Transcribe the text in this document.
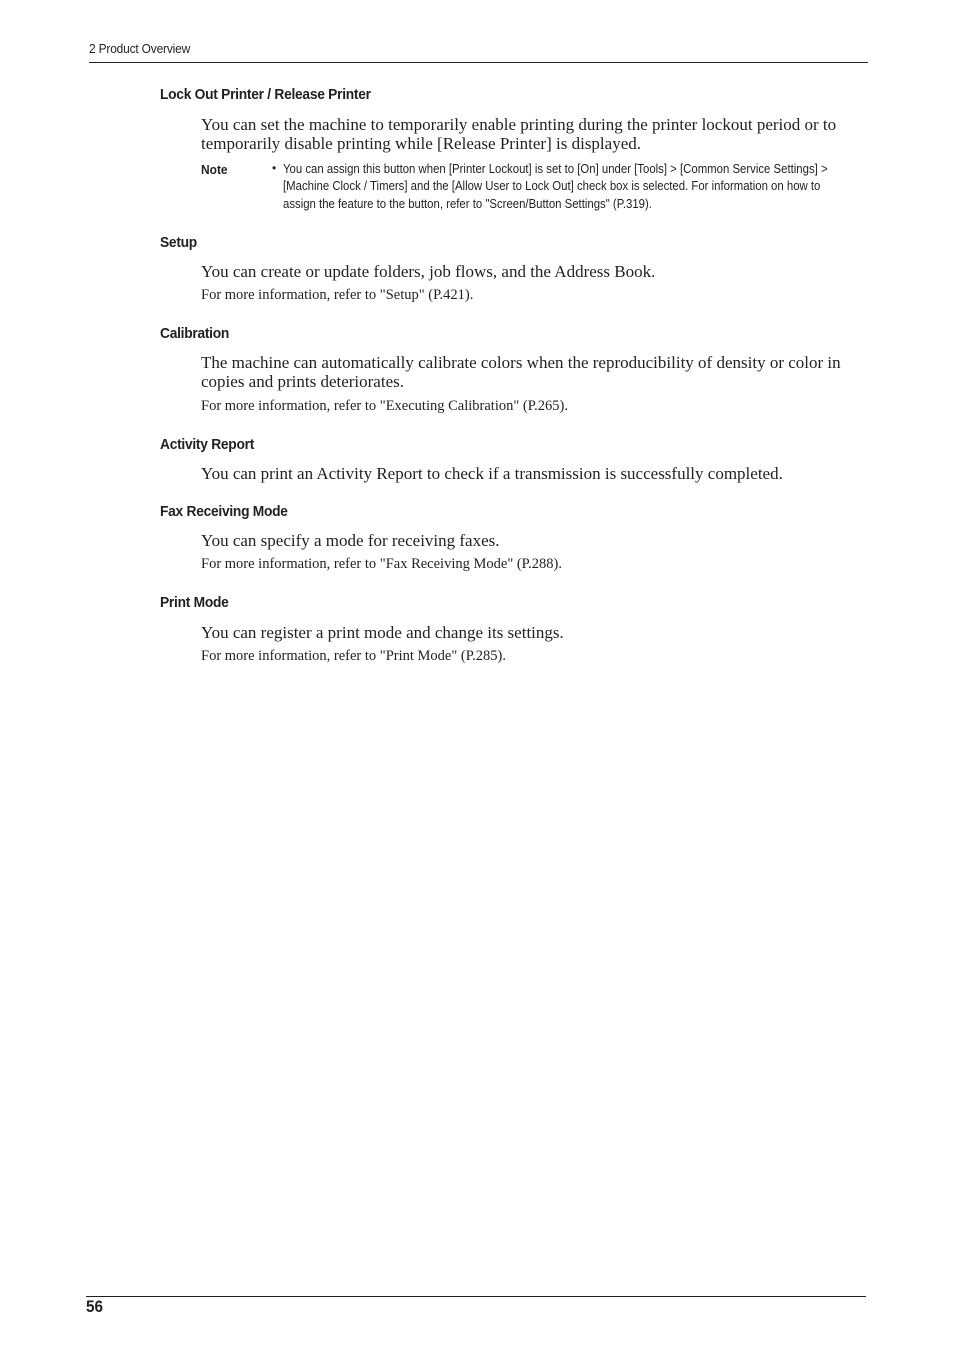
2 Product Overview
Lock Out Printer / Release Printer
You can set the machine to temporarily enable printing during the printer lockout period or to temporarily disable printing while [Release Printer] is displayed.
Note	• You can assign this button when [Printer Lockout] is set to [On] under [Tools] > [Common Service Settings] > [Machine Clock / Timers] and the [Allow User to Lock Out] check box is selected. For information on how to assign the feature to the button, refer to "Screen/Button Settings" (P.319).
Setup
You can create or update folders, job flows, and the Address Book.
For more information, refer to "Setup" (P.421).
Calibration
The machine can automatically calibrate colors when the reproducibility of density or color in copies and prints deteriorates.
For more information, refer to "Executing Calibration" (P.265).
Activity Report
You can print an Activity Report to check if a transmission is successfully completed.
Fax Receiving Mode
You can specify a mode for receiving faxes.
For more information, refer to "Fax Receiving Mode" (P.288).
Print Mode
You can register a print mode and change its settings.
For more information, refer to "Print Mode" (P.285).
56
